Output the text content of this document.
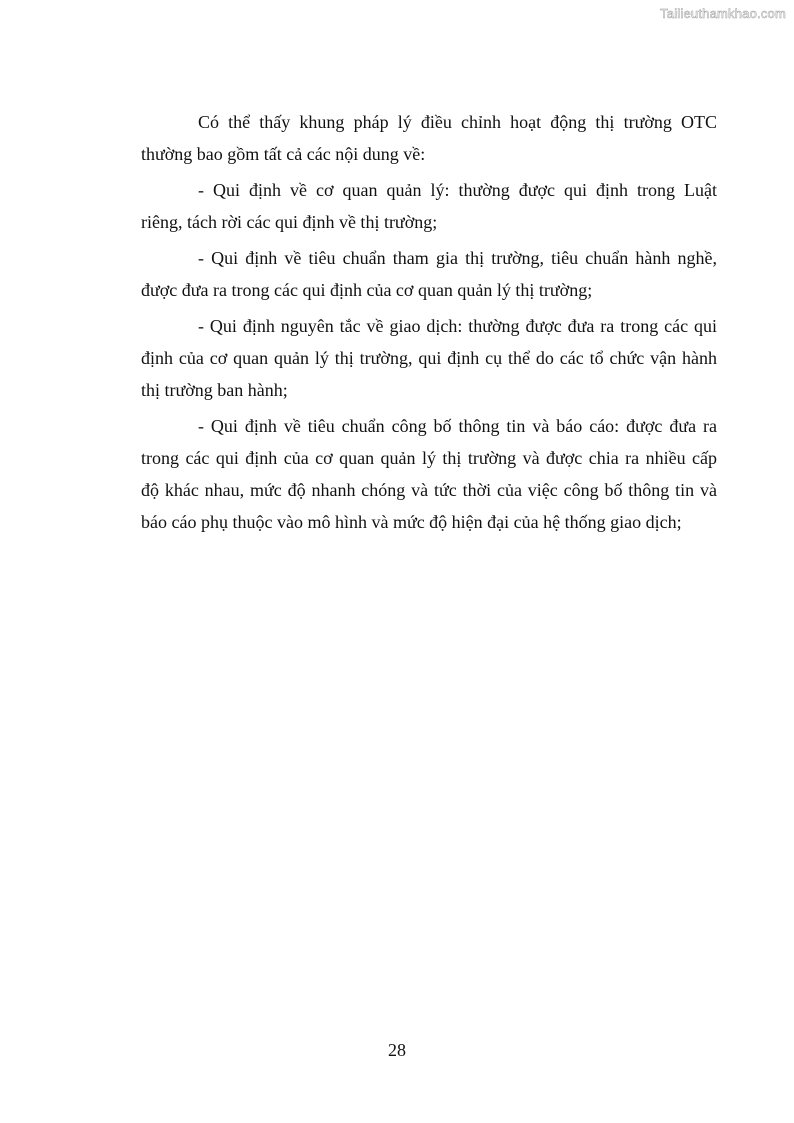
Tailieuthamkhao.com
Có thể thấy khung pháp lý điều chỉnh hoạt động thị trường OTC
thường bao gồm tất cả các nội dung về:
- Qui định về cơ quan quản lý: thường được qui định trong Luật
riêng, tách rời các qui định về thị trường;
- Qui định về tiêu chuẩn tham gia thị trường, tiêu chuẩn hành nghề,
được đưa ra trong các qui định của cơ quan quản lý thị trường;
- Qui định nguyên tắc về giao dịch: thường được đưa ra trong các qui
định của cơ quan quản lý thị trường, qui định cụ thể do các tổ chức vận hành
thị trường ban hành;
- Qui định về tiêu chuẩn công bố thông tin và báo cáo: được đưa ra
trong các qui định của cơ quan quản lý thị trường và được chia ra nhiều cấp
độ khác nhau, mức độ nhanh chóng và tức thời của việc công bố thông tin và
báo cáo phụ thuộc vào mô hình và mức độ hiện đại của hệ thống giao dịch;
28
